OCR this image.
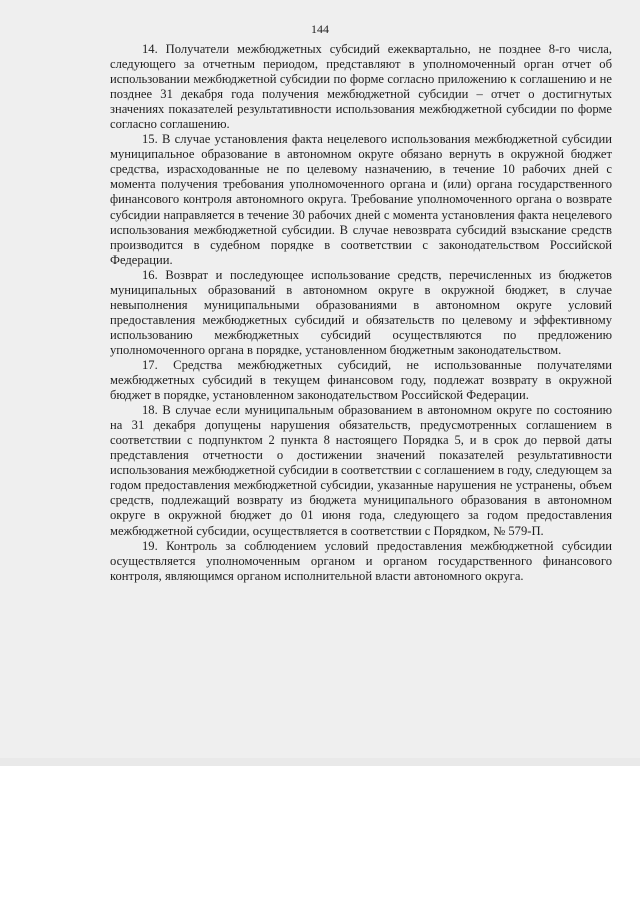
144

14. Получатели межбюджетных субсидий ежеквартально, не позднее 8-го числа, следующего за отчетным периодом, представляют в уполномоченный орган отчет об использовании межбюджетной субсидии по форме согласно приложению к соглашению и не позднее 31 декабря года получения межбюджетной субсидии – отчет о достигнутых значениях показателей результативности использования межбюджетной субсидии по форме согласно соглашению.

15. В случае установления факта нецелевого использования межбюджетной субсидии муниципальное образование в автономном округе обязано вернуть в окружной бюджет средства, израсходованные не по целевому назначению, в течение 10 рабочих дней с момента получения требования уполномоченного органа и (или) органа государственного финансового контроля автономного округа. Требование уполномоченного органа о возврате субсидии направляется в течение 30 рабочих дней с момента установления факта нецелевого использования межбюджетной субсидии. В случае невозврата субсидий взыскание средств производится в судебном порядке в соответствии с законодательством Российской Федерации.

16. Возврат и последующее использование средств, перечисленных из бюджетов муниципальных образований в автономном округе в окружной бюджет, в случае невыполнения муниципальными образованиями в автономном округе условий предоставления межбюджетных субсидий и обязательств по целевому и эффективному использованию межбюджетных субсидий осуществляются по предложению уполномоченного органа в порядке, установленном бюджетным законодательством.

17. Средства межбюджетных субсидий, не использованные получателями межбюджетных субсидий в текущем финансовом году, подлежат возврату в окружной бюджет в порядке, установленном законодательством Российской Федерации.

18. В случае если муниципальным образованием в автономном округе по состоянию на 31 декабря допущены нарушения обязательств, предусмотренных соглашением в соответствии с подпунктом 2 пункта 8 настоящего Порядка 5, и в срок до первой даты представления отчетности о достижении значений показателей результативности использования межбюджетной субсидии в соответствии с соглашением в году, следующем за годом предоставления межбюджетной субсидии, указанные нарушения не устранены, объем средств, подлежащий возврату из бюджета муниципального образования в автономном округе в окружной бюджет до 01 июня года, следующего за годом предоставления межбюджетной субсидии, осуществляется в соответствии с Порядком, № 579-П.

19. Контроль за соблюдением условий предоставления межбюджетной субсидии осуществляется уполномоченным органом и органом государственного финансового контроля, являющимся органом исполнительной власти автономного округа.
